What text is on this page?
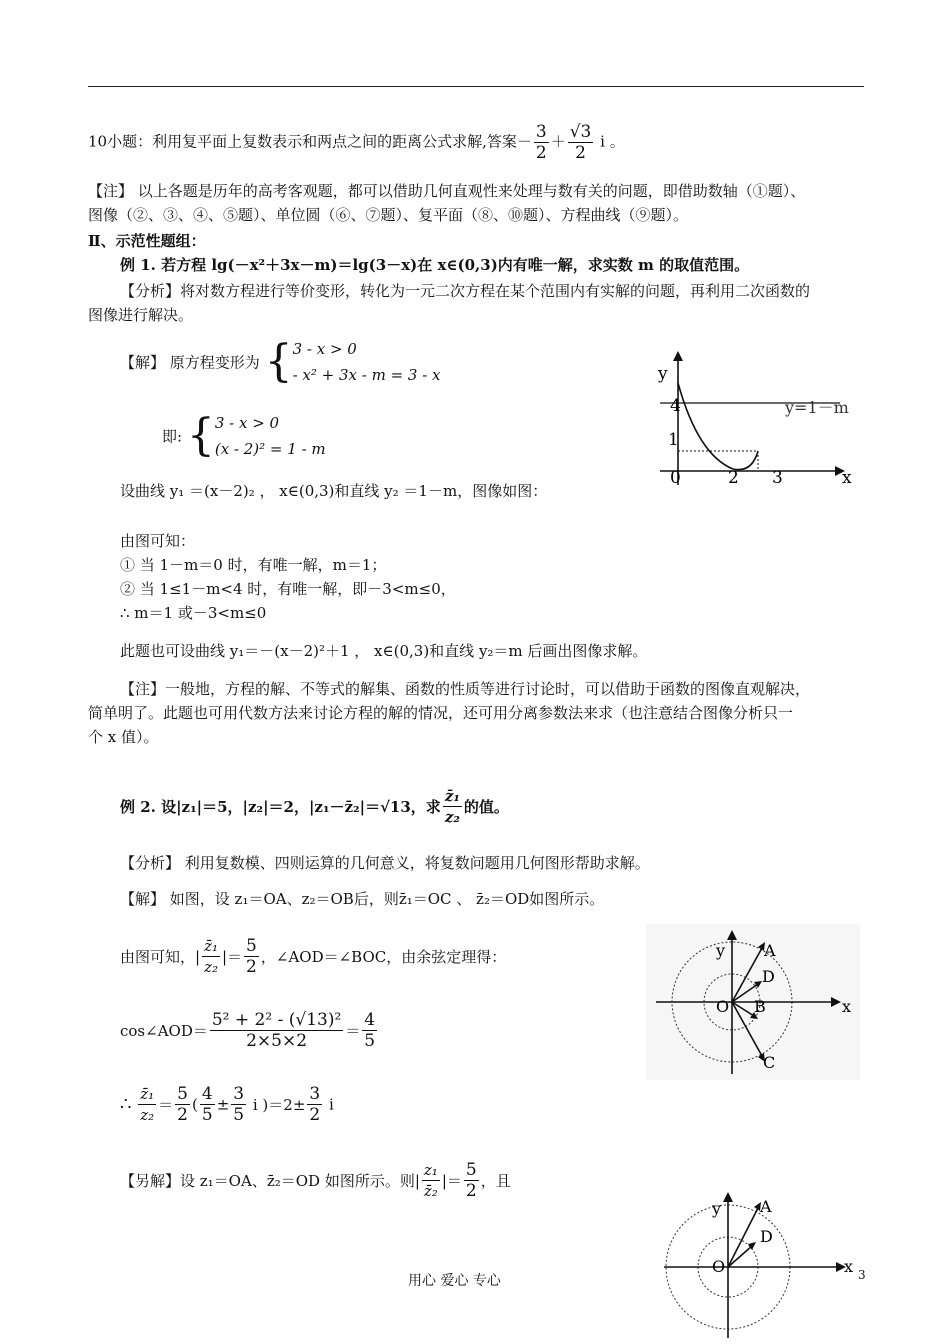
10小题：利用复平面上复数表示和两点之间的距离公式求解,答案－ $\frac{3}{2} + \frac{√3}{2}$ i 。
【注】 以上各题是历年的高考客观题，都可以借助几何直观性来处理与数有关的问题，即借助数轴（①题）、
图像（②、③、④、⑤题）、单位圆（⑥、⑦题）、复平面（⑧、⑩题）、方程曲线（⑨题）。
Ⅱ、示范性题组：
例 1. 若方程 lg(－x²＋3x－m)＝lg(3－x)在 x∈(0,3)内有唯一解，求实数 m 的取值范围。
【分析】将对数方程进行等价变形，转化为一元二次方程在某个范围内有实解的问题，再利用二次函数的
图像进行解决。
【解】 原方程变形为 { 3 - x > 0
- x² + 3x - m = 3 - x
即: { 3 - x > 0
(x - 2)² = 1 - m
设曲线 y₁ ＝(x－2)₂ ， x∈(0,3)和直线 y₂ ＝1－m，图像如图：
由图可知：
① 当 1－m＝0 时，有唯一解，m＝1；
② 当 1≤1－m<4 时，有唯一解，即－3<m≤0，
∴ m＝1 或－3<m≤0
此题也可设曲线 y₁＝－(x－2)²＋1 ， x∈(0,3)和直线 y₂＝m 后画出图像求解。
【注】一般地，方程的解、不等式的解集、函数的性质等进行讨论时，可以借助于函数的图像直观解决，
简单明了。此题也可用代数方法来讨论方程的解的情况，还可用分离参数法来求（也注意结合图像分析只一
个 x 值）。
y
4
1
0	2 3	x
y=1－m
例 2. 设|z₁|＝5，|z₂|＝2，|z₁－z̄₂|＝√13，求 $\frac{\text{z̄₁}}{\text{z₂}}$ 的值。
【分析】 利用复数模、四则运算的几何意义，将复数问题用几何图形帮助求解。
【解】 如图，设 z₁＝OA、z₂＝OB后，则z̄₁＝OC 、 z̄₂＝OD如图所示。
由图可知，| $\frac{\text{z̄₁}}{\text{z₂}}$ |＝ $\frac{5}{2}$ ，∠AOD＝∠BOC，由余弦定理得：
cos∠AOD＝ $\frac{\text{5² + 2² - (√13)²}}{2\times 5\times 2} = \frac{4}{5}$
∴ $\frac{\text{z̄₁}}{\text{z₂}} = \frac{5}{2}$ ( $\frac{4}{5} \pm \frac{3}{5}$ i )$=2\pm \frac{3}{2}$ i
【另解】设 z₁＝OA、z̄₂＝OD 如图所示。则| $\frac{\text{z₁}}{\text{z̄₂}}$ |＝ $\frac{5}{2}$ ，且
y
O
A
D
B
C
x
y
O
A
D
x
用心 爱心 专心	3
